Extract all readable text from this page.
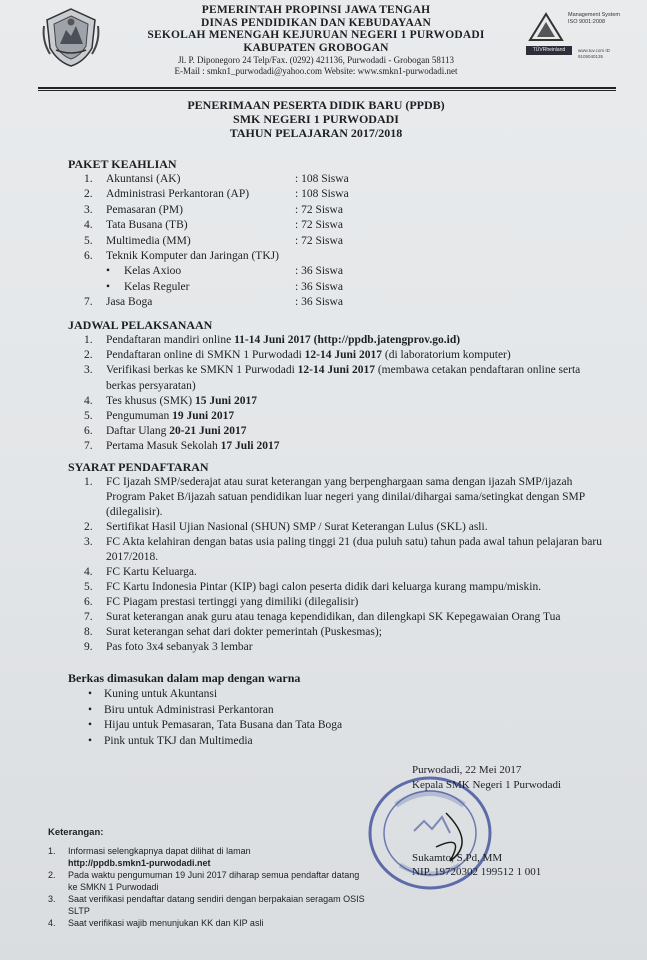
PEMERINTAH PROPINSI JAWA TENGAH
DINAS PENDIDIKAN DAN KEBUDAYAAN
SEKOLAH MENENGAH KEJURUAN NEGERI 1 PURWODADI
KABUPATEN GROBOGAN
Jl. P. Diponegoro 24 Telp/Fax. (0292) 421136, Purwodadi - Grobogan 58113
E-Mail : smkn1_purwodadi@yahoo.com Website: www.smkn1-purwodadi.net
Management System ISO 9001:2008
TÜVRheinland CERTIFIED
www.tuv.com ID 9105040135
PENERIMAAN PESERTA DIDIK BARU (PPDB)
SMK NEGERI 1 PURWODADI
TAHUN PELAJARAN 2017/2018
PAKET KEAHLIAN
1. Akuntansi (AK)	: 108 Siswa
2. Administrasi Perkantoran (AP)	: 108 Siswa
3. Pemasaran (PM)	: 72 Siswa
4. Tata Busana (TB)	: 72 Siswa
5. Multimedia (MM)	: 72 Siswa
6. Teknik Komputer dan Jaringan (TKJ)
• Kelas Axioo	: 36 Siswa
• Kelas Reguler	: 36 Siswa
7. Jasa Boga	: 36 Siswa
JADWAL PELAKSANAAN
1. Pendaftaran mandiri online 11-14 Juni 2017 (http://ppdb.jatengprov.go.id)
2. Pendaftaran online di SMKN 1 Purwodadi 12-14 Juni 2017 (di laboratorium komputer)
3. Verifikasi berkas ke SMKN 1 Purwodadi 12-14 Juni 2017 (membawa cetakan pendaftaran online serta berkas persyaratan)
4. Tes khusus (SMK) 15 Juni 2017
5. Pengumuman 19 Juni 2017
6. Daftar Ulang 20-21 Juni 2017
7. Pertama Masuk Sekolah 17 Juli 2017
SYARAT PENDAFTARAN
1. FC Ijazah SMP/sederajat atau surat keterangan yang berpenghargaan sama dengan ijazah SMP/ijazah Program Paket B/ijazah satuan pendidikan luar negeri yang dinilai/dihargai sama/setingkat dengan SMP (dilegalisir).
2. Sertifikat Hasil Ujian Nasional (SHUN) SMP / Surat Keterangan Lulus (SKL) asli.
3. FC Akta kelahiran dengan batas usia paling tinggi 21 (dua puluh satu) tahun pada awal tahun pelajaran baru 2017/2018.
4. FC Kartu Keluarga.
5. FC Kartu Indonesia Pintar (KIP) bagi calon peserta didik dari keluarga kurang mampu/miskin.
6. FC Piagam prestasi tertinggi yang dimiliki (dilegalisir)
7. Surat keterangan anak guru atau tenaga kependidikan, dan dilengkapi SK Kepegawaian Orang Tua
8. Surat keterangan sehat dari dokter pemerintah (Puskesmas);
9. Pas foto 3x4 sebanyak 3 lembar
Berkas dimasukan dalam map dengan warna
• Kuning untuk Akuntansi
• Biru untuk Administrasi Perkantoran
• Hijau untuk Pemasaran, Tata Busana dan Tata Boga
• Pink untuk TKJ dan Multimedia
Purwodadi, 22 Mei 2017
Kepala SMK Negeri 1 Purwodadi
Sukamto, S.Pd, MM
NIP. 19720302 199512 1 001
Keterangan:
1. Informasi selengkapnya dapat dilihat di laman
http://ppdb.smkn1-purwodadi.net
2. Pada waktu pengumuman 19 Juni 2017 diharap semua pendaftar datang ke SMKN 1 Purwodadi
3. Saat verifikasi pendaftar datang sendiri dengan berpakaian seragam OSIS SLTP
4. Saat verifikasi wajib menunjukan KK dan KIP asli
